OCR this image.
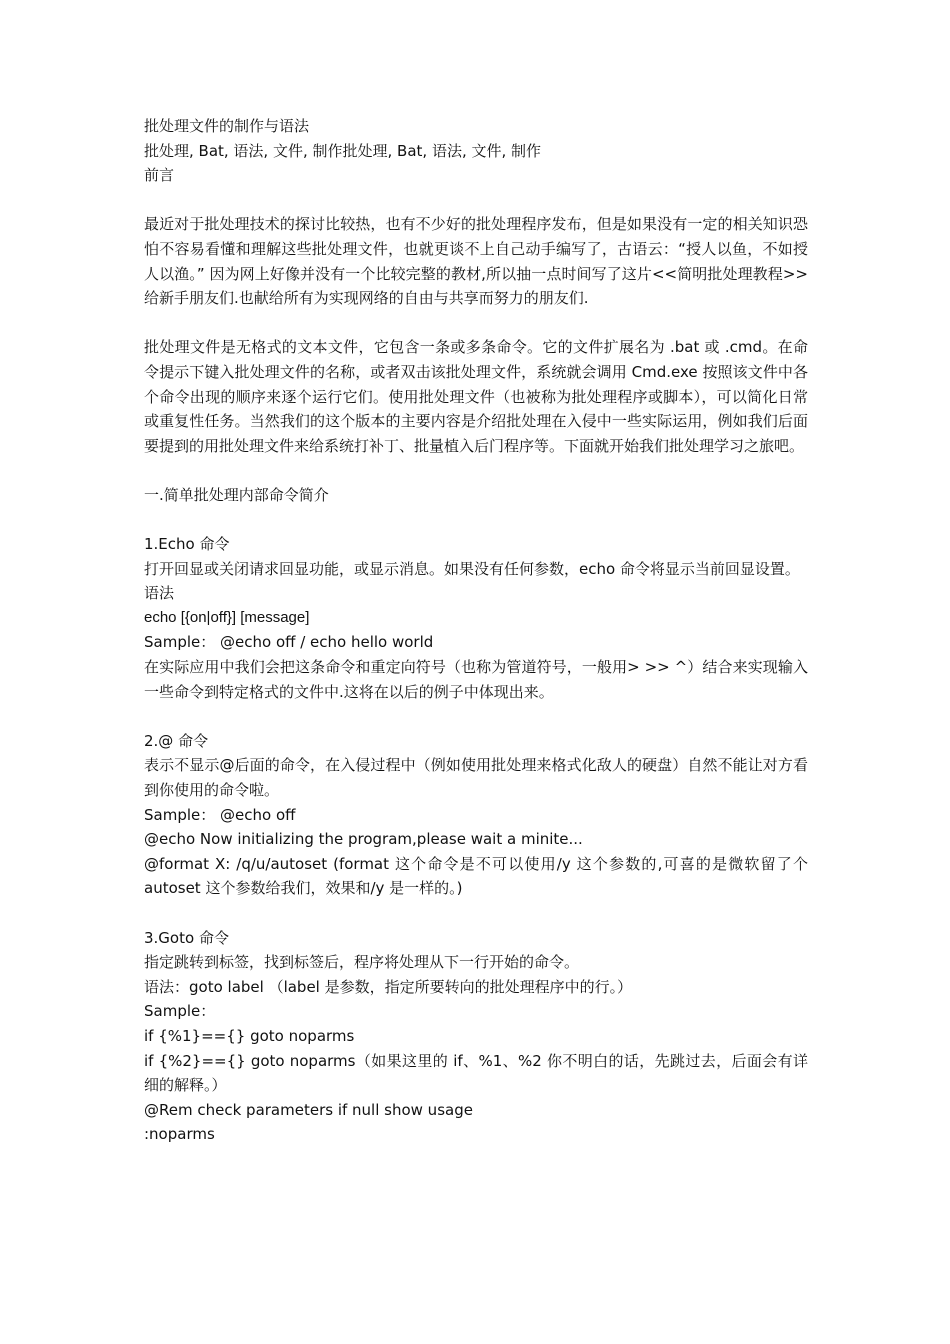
批处理文件的制作与语法
批处理, Bat, 语法, 文件, 制作批处理, Bat, 语法, 文件, 制作
前言
最近对于批处理技术的探讨比较热，也有不少好的批处理程序发布，但是如果没有一定的相关知识恐怕不容易看懂和理解这些批处理文件，也就更谈不上自己动手编写了，古语云：“授人以鱼，不如授人以渔。” 因为网上好像并没有一个比较完整的教材,所以抽一点时间写了这片<<简明批处理教程>>给新手朋友们.也献给所有为实现网络的自由与共享而努力的朋友们.
批处理文件是无格式的文本文件，它包含一条或多条命令。它的文件扩展名为 .bat 或 .cmd。在命令提示下键入批处理文件的名称，或者双击该批处理文件，系统就会调用 Cmd.exe 按照该文件中各个命令出现的顺序来逐个运行它们。使用批处理文件（也被称为批处理程序或脚本），可以简化日常或重复性任务。当然我们的这个版本的主要内容是介绍批处理在入侵中一些实际运用，例如我们后面要提到的用批处理文件来给系统打补丁、批量植入后门程序等。下面就开始我们批处理学习之旅吧。
一.简单批处理内部命令简介
1.Echo 命令
打开回显或关闭请求回显功能，或显示消息。如果没有任何参数，echo 命令将显示当前回显设置。
语法
echo [{on|off}] [message]
Sample： @echo off / echo hello world
在实际应用中我们会把这条命令和重定向符号（也称为管道符号，一般用> >> ^）结合来实现输入一些命令到特定格式的文件中.这将在以后的例子中体现出来。
2.@ 命令
表示不显示@后面的命令，在入侵过程中（例如使用批处理来格式化敌人的硬盘）自然不能让对方看到你使用的命令啦。
Sample： @echo off
@echo Now initializing the program,please wait a minite...
@format X: /q/u/autoset (format 这个命令是不可以使用/y 这个参数的,可喜的是微软留了个 autoset 这个参数给我们，效果和/y 是一样的。)
3.Goto 命令
指定跳转到标签，找到标签后，程序将处理从下一行开始的命令。
语法：goto label （label 是参数，指定所要转向的批处理程序中的行。）
Sample：
if {%1}=={} goto noparms
if {%2}=={} goto noparms（如果这里的 if、%1、%2 你不明白的话，先跳过去，后面会有详细的解释。）
@Rem check parameters if null show usage
:noparms
